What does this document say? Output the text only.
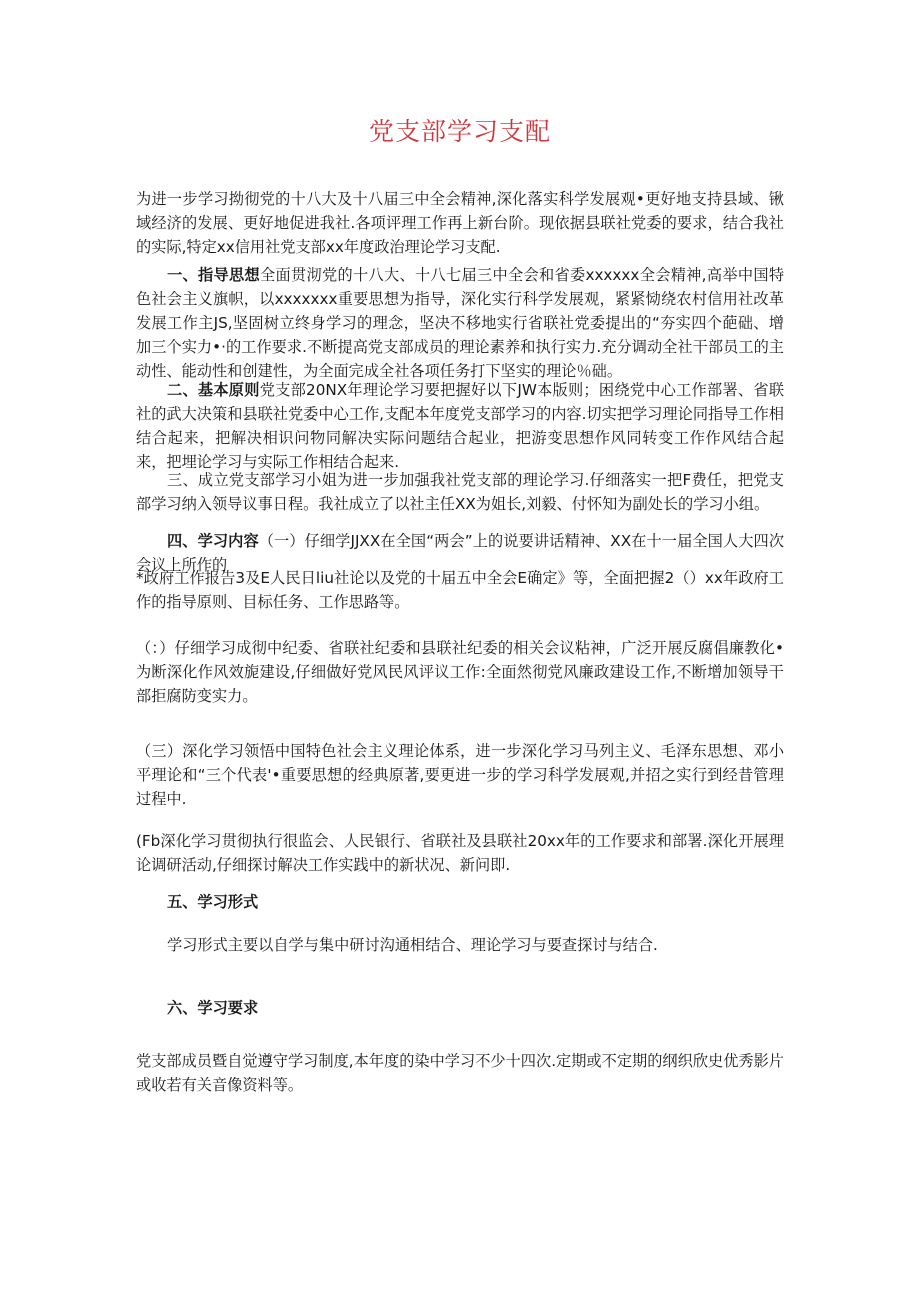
党支部学习支配

为进一步学习拗彻党的十八大及十八届三中全会精神,深化落实科学发展观•更好地支持县域、锹域经济的发展、更好地促进我社.各项评理工作再上新台阶。现依据县联社党委的要求，结合我社的实际,特定xx信用社党支部xx年度政治理论学习支配.

一、指导思想全面贯沏党的十八大、十八七届三中全会和省委xxxxxx全会精神,高举中国特色社会主义旗帜，以xxxxxxx重要思想为指导，深化实行科学发展观，紧紧恸绕农村信用社改革发展工作主JS,坚固树立终身学习的理念，坚决不移地实行省联社党委提出的“夯实四个葩础、增加三个实力•·的工作要求.不断提高党支部成员的理论素养和执行实力.充分调动全社干部员工的主动性、能动性和创建性，为全面完成全社各项任务打下坚实的理论％础。

二、基本原则党支部20NX年理论学习要把握好以下JW本版则；困绕党中心工作部署、省联社的武大决策和县联社党委中心工作,支配本年度党支部学习的内容.切实把学习理论同指导工作相结合起来，把解决相识问物同解决实际问题结合起业，把游变思想作风同转变工作作风结合起来，把埋论学习与实际工作相结合起来.

三、成立党支部学习小姐为进一步加强我社党支部的理论学习.仔细落实一把F费任，把党支部学习纳入领导议事日程。我社成立了以社主任XX为姐长,刘毅、付怀知为副处长的学习小组。

四、学习内容（一）仔细学JJXX在全国“两会”上的说要讲话精神、XX在十一届全国人大四次会议上所作的

*政府工作报告3及E人民日liu社论以及党的十届五中全会E确定》等，全面把握2（）xx年政府工作的指导原则、目标任务、工作思路等。

（：）仔细学习成彻中纪委、省联社纪委和县联社纪委的相关会议粘神，广泛开展反腐倡廉教化•为断深化作风效旎建设,仔细做好党风民风评议工作:全面然彻党风廉政建设工作,不断增加领导干部拒腐防变实力。

（三）深化学习领悟中国特色社会主义理论体系，进一步深化学习马列主义、毛泽东思想、邓小平理论和“三个代表'•重要思想的经典原著,要更进一步的学习科学发展观,并招之实行到经昔管理过程中.

(Fb深化学习贯彻执行很监会、人民银行、省联社及县联社20xx年的工作要求和部署.深化开展理论调研活动,仔细探讨解决工作实践中的新状况、新问即.

五、学习形式

学习形式主要以自学与集中研讨沟通相结合、理论学习与要查探讨与结合.

六、学习要求

党支部成员暨自觉遵守学习制度,本年度的染中学习不少十四次.定期或不定期的纲织欣史优秀影片或收若有关音像资料等。
